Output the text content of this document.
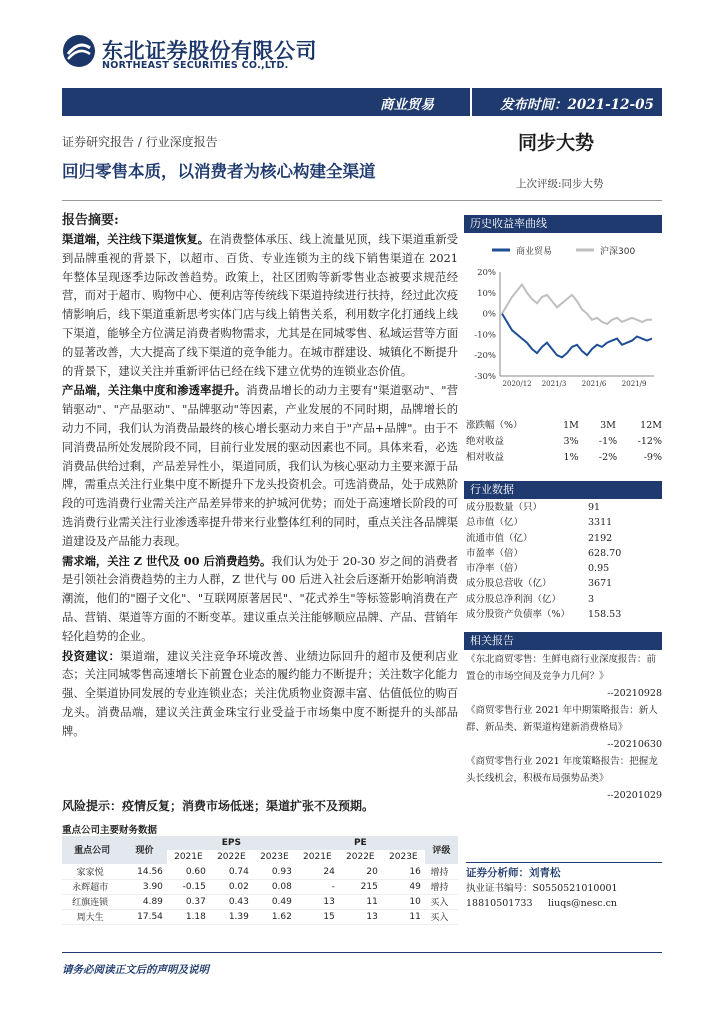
东北证券股份有限公司
NORTHEAST SECURITIES CO.,LTD.
商业贸易	发布时间：2021-12-05
证券研究报告 / 行业深度报告	同步大势
回归零售本质，以消费者为核心构建全渠道
上次评级:同步大势
报告摘要:

渠道端，关注线下渠道恢复。在消费整体承压、线上流量见顶，线下渠道重新受到品牌重视的背景下，以超市、百货、专业连锁为主的线下销售渠道在 2021 年整体呈现逐季边际改善趋势。政策上，社区团购等新零售业态被要求规范经营，而对于超市、购物中心、便利店等传统线下渠道持续进行扶持，经过此次疫情影响后，线下渠道重新思考实体门店与线上销售关系，利用数字化打通线上线下渠道，能够全方位满足消费者购物需求，尤其是在同城零售、私域运营等方面的显著改善，大大提高了线下渠道的竞争能力。在城市群建设、城镇化不断提升的背景下，建议关注并重新评估已经在线下建立优势的连锁业态价值。

产品端，关注集中度和渗透率提升。消费品增长的动力主要有"渠道驱动"、"营销驱动"、"产品驱动"、"品牌驱动"等因素，产业发展的不同时期，品牌增长的动力不同，我们认为消费品最终的核心增长驱动力来自于"产品+品牌"。由于不同消费品所处发展阶段不同，目前行业发展的驱动因素也不同。具体来看，必选消费品供给过剩，产品差异性小，渠道同质，我们认为核心驱动力主要来源于品牌，需重点关注行业集中度不断提升下龙头投资机会。可选消费品，处于成熟阶段的可选消费行业需关注产品差异带来的护城河优势；而处于高速增长阶段的可选消费行业需关注行业渗透率提升带来行业整体红利的同时，重点关注各品牌渠道建设及产品能力表现。

需求端，关注 Z 世代及 00 后消费趋势。我们认为处于 20-30 岁之间的消费者是引领社会消费趋势的主力人群，Z 世代与 00 后进入社会后逐渐开始影响消费潮流，他们的"圈子文化"、"互联网原著居民"、"花式养生"等标签影响消费在产品、营销、渠道等方面的不断变革。建议重点关注能够顺应品牌、产品、营销年轻化趋势的企业。

投资建议：渠道端，建议关注竞争环境改善、业绩边际回升的超市及便利店业态；关注同城零售高速增长下前置仓业态的履约能力不断提升；关注数字化能力强、全渠道协同发展的专业连锁业态；关注优质物业资源丰富、估值低位的购百龙头。消费品端，建议关注黄金珠宝行业受益于市场集中度不断提升的头部品牌。

风险提示：疫情反复；消费市场低迷；渠道扩张不及预期。
重点公司主要财务数据
重点公司	现价	EPS			PE			评级
		2021E	2022E	2023E	2021E	2022E	2023E	
家家悦	14.56	0.60	0.74	0.93	24	20	16	增持
永辉超市	3.90	-0.15	0.02	0.08	-	215	49	增持
红旗连锁	4.89	0.37	0.43	0.49	13	11	10	买入
周大生	17.54	1.18	1.39	1.62	15	13	11	买入
历史收益率曲线
商业贸易	沪深300
20%
10%
0%
-10%
-20%
-30%
2020/12 2021/3 2021/6 2021/9
涨跌幅（%）	1M	3M	12M
绝对收益	3%	-1%	-12%
相对收益	1%	-2%	-9%
行业数据
成分股数量（只）	91
总市值（亿）	3311
流通市值（亿）	2192
市盈率（倍）	628.70
市净率（倍）	0.95
成分股总营收（亿）	3671
成分股总净利润（亿）	3
成分股资产负债率（%）	158.53
相关报告
《东北商贸零售：生鲜电商行业深度报告：前置仓的市场空间及竞争力几何？》
--20210928
《商贸零售行业 2021 年中期策略报告：新人群、新品类、新渠道构建新消费格局》
--20210630
《商贸零售行业 2021 年度策略报告：把握龙头长线机会，积极布局强势品类》
--20201029
证券分析师：刘青松
执业证书编号：S0550521010001
18810501733	liuqs@nesc.cn
请务必阅读正文后的声明及说明
